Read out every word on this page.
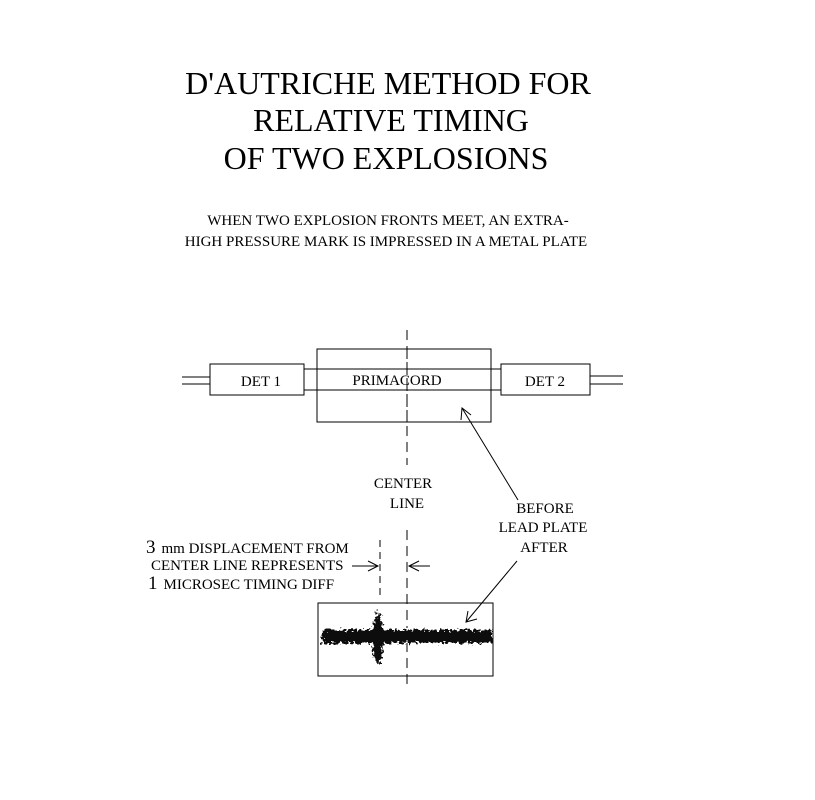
D'AUTRICHE METHOD FOR
RELATIVE TIMING
OF TWO EXPLOSIONS
WHEN TWO EXPLOSION FRONTS MEET, AN EXTRA-
HIGH PRESSURE MARK IS IMPRESSED IN A METAL PLATE
PRIMACORD
DET 1	DET 2
CENTER
LINE	BEFORE
LEAD PLATE
AFTER
3 mm DISPLACEMENT FROM
CENTER LINE REPRESENTS
1 MICROSEC TIMING DIFF
